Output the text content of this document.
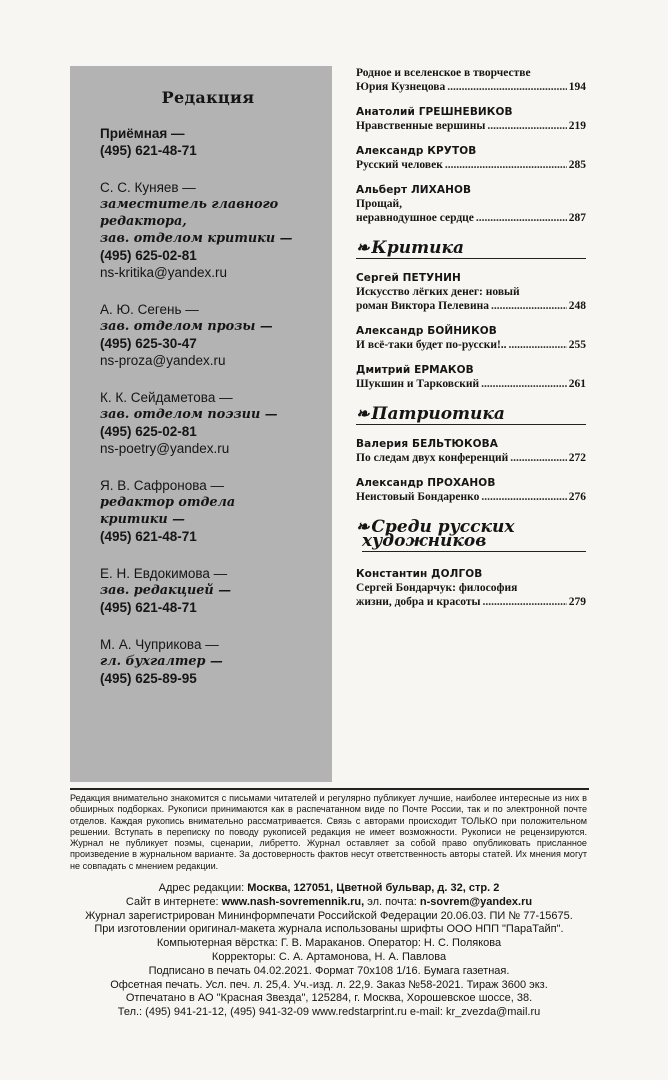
Редакция
Приёмная —
(495) 621-48-71
С. С. Куняев —
заместитель главного
редактора,
зав. отделом критики —
(495) 625-02-81
ns-kritika@yandex.ru
А. Ю. Сегень —
зав. отделом прозы —
(495) 625-30-47
ns-proza@yandex.ru
К. К. Сейдаметова —
зав. отделом поэзии —
(495) 625-02-81
ns-poetry@yandex.ru
Я. В. Сафронова —
редактор отдела
критики —
(495) 621-48-71
Е. Н. Евдокимова —
зав. редакцией —
(495) 621-48-71
М. А. Чуприкова —
гл. бухгалтер —
(495) 625-89-95
Родное и вселенское в творчестве
Юрия Кузнецова .....	194
Анатолий ГРЕШНЕВИКОВ
Нравственные вершины .....	219
Александр КРУТОВ
Русский человек .....	285
Альберт ЛИХАНОВ
Прощай,
неравнодушное сердце .....	287
❧ Критика
Сергей ПЕТУНИН
Искусство лёгких денег: новый
роман Виктора Пелевина .....	248
Александр БОЙНИКОВ
И всё-таки будет по-русски!.. .....	255
Дмитрий ЕРМАКОВ
Шукшин и Тарковский .....	261
❧ Патриотика
Валерия БЕЛЬТЮКОВА
По следам двух конференций .....	272
Александр ПРОХАНОВ
Неистовый Бондаренко .....	276
❧ Среди русских
художников
Константин ДОЛГОВ
Сергей Бондарчук: философия
жизни, добра и красоты .....	279
Редакция внимательно знакомится с письмами читателей и регулярно публикует лучшие, наиболее интересные из них в обширных подборках. Рукописи принимаются как в распечатанном виде по Почте России, так и по электронной почте отделов. Каждая рукопись внимательно рассматривается. Связь с авторами происходит ТОЛЬКО при положительном решении. Вступать в переписку по поводу рукописей редакция не имеет возможности. Рукописи не рецензируются. Журнал не публикует поэмы, сценарии, либретто. Журнал оставляет за собой право опубликовать присланное произведение в журнальном варианте. За достоверность фактов несут ответственность авторы статей. Их мнения могут не совпадать с мнением редакции.
Адрес редакции: Москва, 127051, Цветной бульвар, д. 32, стр. 2
Сайт в интернете: www.nash-sovremennik.ru, эл. почта: n-sovrem@yandex.ru
Журнал зарегистрирован Мининформпечати Российской Федерации 20.06.03. ПИ № 77-15675.
При изготовлении оригинал-макета журнала использованы шрифты ООО НПП "ПараТайп".
Компьютерная вёрстка: Г. В. Мараканов. Оператор: Н. С. Полякова
Корректоры: С. А. Артамонова, Н. А. Павлова
Подписано в печать 04.02.2021. Формат 70х108 1/16. Бумага газетная.
Офсетная печать. Усл. печ. л. 25,4. Уч.-изд. л. 22,9. Заказ №58-2021. Тираж 3600 экз.
Отпечатано в АО "Красная Звезда", 125284, г. Москва, Хорошевское шоссе, 38.
Тел.: (495) 941-21-12, (495) 941-32-09 www.redstarprint.ru e-mail: kr_zvezda@mail.ru
